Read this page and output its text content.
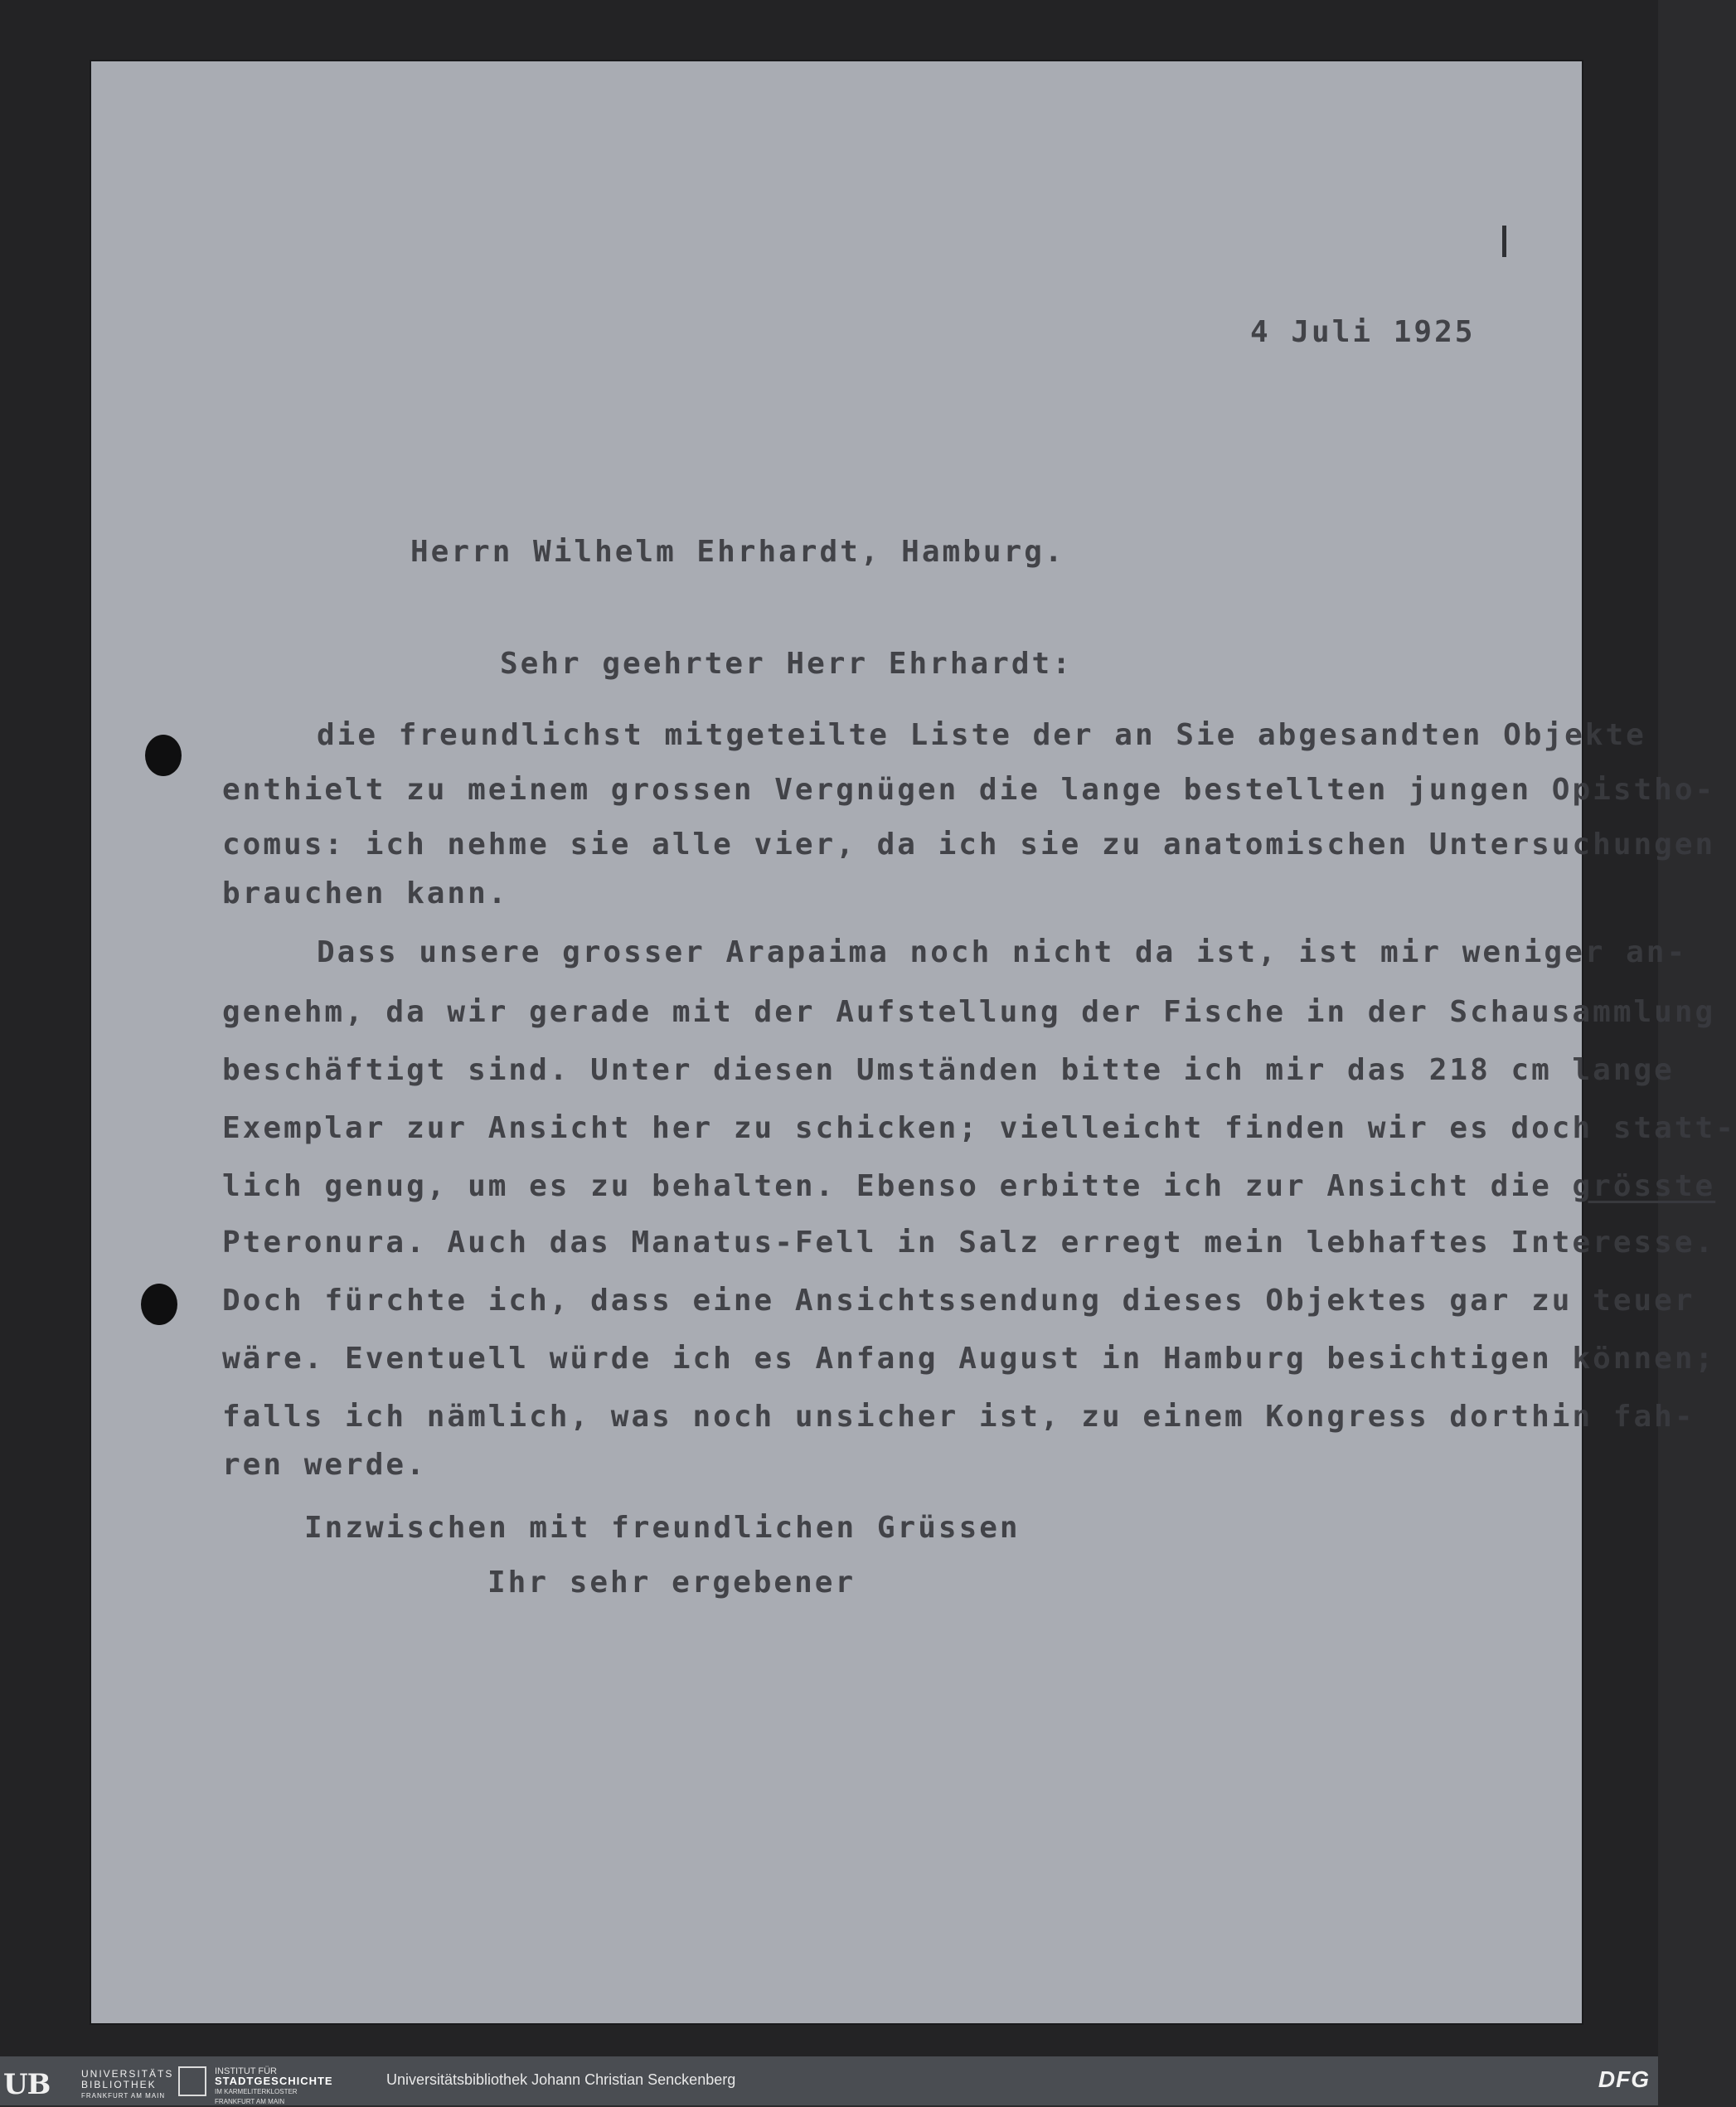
4 Juli 1925
Herrn Wilhelm Ehrhardt, Hamburg.
Sehr geehrter Herr Ehrhardt:
die freundlichst mitgeteilte Liste der an Sie abgesandten Objekte
enthielt zu meinem grossen Vergnügen die lange bestellten jungen Opistho-
comus: ich nehme sie alle vier, da ich sie zu anatomischen Untersuchungen
brauchen kann.
Dass unsere grosser Arapaima noch nicht da ist, ist mir weniger an-
genehm, da wir gerade mit der Aufstellung der Fische in der Schausammlung
beschäftigt sind. Unter diesen Umständen bitte ich mir das 218 cm lange
Exemplar zur Ansicht her zu schicken; vielleicht finden wir es doch statt-
lich genug, um es zu behalten. Ebenso erbitte ich zur Ansicht die grösste
Pteronura. Auch das Manatus-Fell in Salz erregt mein lebhaftes Interesse.
Doch fürchte ich, dass eine Ansichtssendung dieses Objektes gar zu teuer
wäre. Eventuell würde ich es Anfang August in Hamburg besichtigen können;
falls ich nämlich, was noch unsicher ist, zu einem Kongress dorthin fah-
ren werde.
Inzwischen mit freundlichen Grüssen
Ihr sehr ergebener
UB	UNIVERSITÄTS
BIBLIOTHEK
FRANKFURT AM MAIN
INSTITUT FÜR
STADTGESCHICHTE
IM KARMELITERKLOSTER
FRANKFURT AM MAIN
Universitätsbibliothek Johann Christian Senckenberg	DFG
